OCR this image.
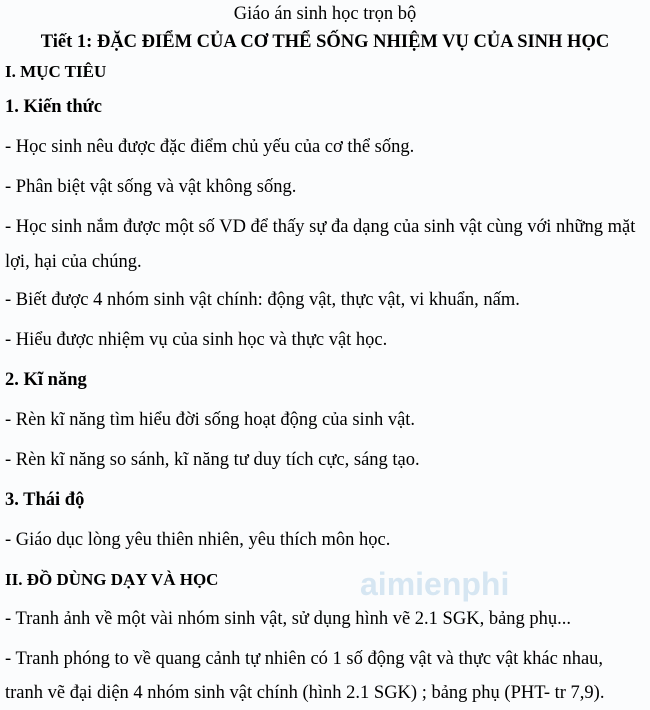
aimienphi
Giáo án sinh học trọn bộ
Tiết 1: ĐẶC ĐIỂM CỦA CƠ THỂ SỐNG NHIỆM VỤ CỦA SINH HỌC
I. MỤC TIÊU
1. Kiến thức
- Học sinh nêu được đặc điểm chủ yếu của cơ thể sống.
- Phân biệt vật sống và vật không sống.
- Học sinh nắm được một số VD để thấy sự đa dạng của sinh vật cùng với những mặt
lợi, hại của chúng.
- Biết được 4 nhóm sinh vật chính: động vật, thực vật, vi khuẩn, nấm.
- Hiểu được nhiệm vụ của sinh học và thực vật học.
2. Kĩ năng
- Rèn kĩ năng tìm hiểu đời sống hoạt động của sinh vật.
- Rèn kĩ năng so sánh, kĩ năng tư duy tích cực, sáng tạo.
3. Thái độ
- Giáo dục lòng yêu thiên nhiên, yêu thích môn học.
II. ĐỒ DÙNG DẠY VÀ HỌC
- Tranh ảnh về một vài nhóm sinh vật, sử dụng hình vẽ 2.1 SGK, bảng phụ...
- Tranh phóng to về quang cảnh tự nhiên có 1 số động vật và thực vật khác nhau,
tranh vẽ đại diện 4 nhóm sinh vật chính (hình 2.1 SGK) ; bảng phụ (PHT- tr 7,9).
